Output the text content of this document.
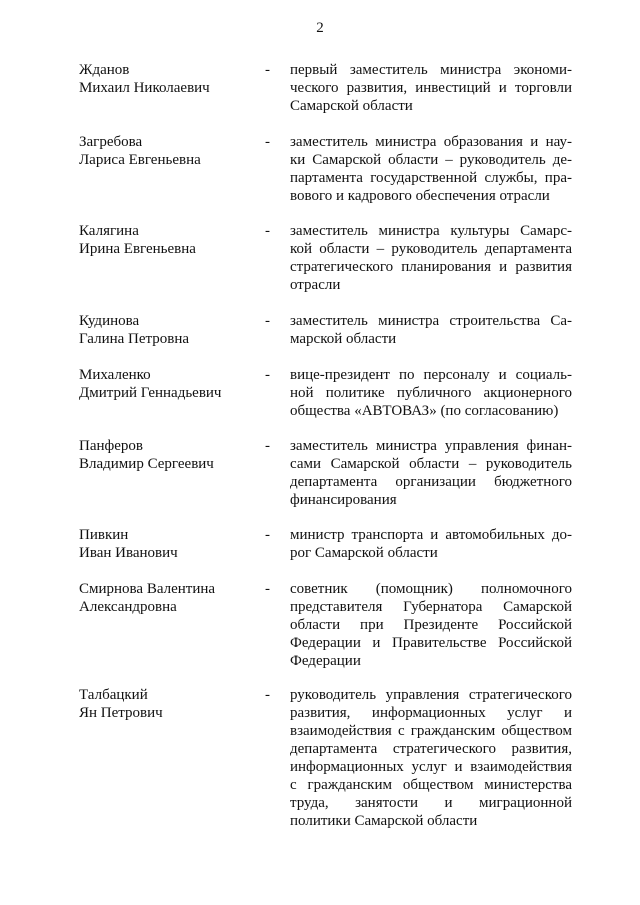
2
Жданов
Михаил Николаевич
- первый заместитель министра экономи-
ческого развития, инвестиций и торговли
Самарской области
Загребова
Лариса Евгеньевна
- заместитель министра образования и нау-
ки Самарской области – руководитель де-
партамента государственной службы, пра-
вового и кадрового обеспечения отрасли
Калягина
Ирина Евгеньевна
- заместитель министра культуры Самарс-
кой области – руководитель департамента
стратегического планирования и развития
отрасли
Кудинова
Галина Петровна
- заместитель министра строительства Са-
марской области
Михаленко
Дмитрий Геннадьевич
- вице-президент по персоналу и социаль-
ной политике публичного акционерного
общества «АВТОВАЗ» (по согласованию)
Панферов
Владимир Сергеевич
- заместитель министра управления финан-
сами Самарской области – руководитель
департамента организации бюджетного
финансирования
Пивкин
Иван Иванович
- министр транспорта и автомобильных до-
рог Самарской области
Смирнова Валентина
Александровна
- советник (помощник) полномочного
представителя Губернатора Самарской
области при Президенте Российской
Федерации и Правительстве Российской
Федерации
Талбацкий
Ян Петрович
- руководитель управления стратегического
развития, информационных услуг и
взаимодействия с гражданским обществом
департамента стратегического развития,
информационных услуг и взаимодействия
с гражданским обществом министерства
труда, занятости и миграционной
политики Самарской области
